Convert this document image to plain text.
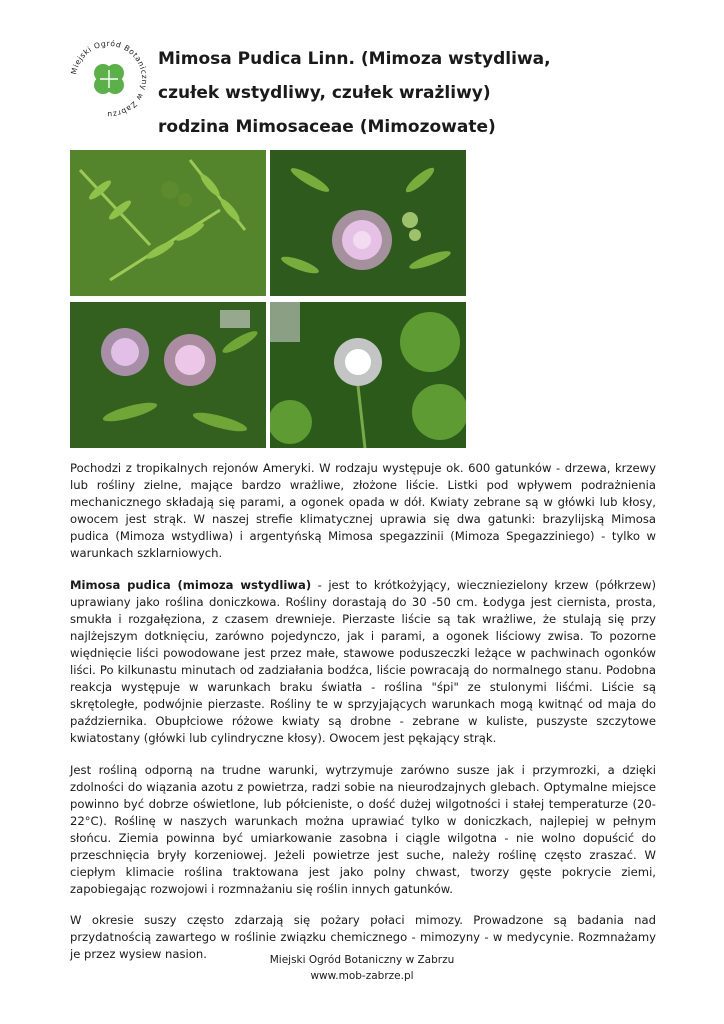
Miejski Ogród Botanic y w Zabrzu
Mimosa Pudica Linn. (Mimoza wstydliwa,
czułek wstydliwy, czułek wrażliwy)
rodzina Mimosaceae (Mimozowate)

Pochodzi z tropikalnych rejonów Ameryki. W rodzaju występuje ok. 600 gatunków - drzewa, krzewy lub rośliny zielne, mające bardzo wrażliwe, złożone liście. Listki pod wpływem podrażnienia mechanicznego składają się parami, a ogonek opada w dół. Kwiaty zebrane są w główki lub kłosy, owocem jest strąk. W naszej strefie klimatycznej uprawia się dwa gatunki: brazylijską Mimosa pudica (Mimoza wstydliwa) i argentyńską Mimosa spegazzinii (Mimoza Spegazziniego) - tylko w warunkach szklarniowych.

Mimosa pudica (mimoza wstydliwa) - jest to krótkożyjący, wieczniezielony krzew (półkrzew) uprawiany jako roślina doniczkowa. Rośliny dorastają do 30 -50 cm. Łodyga jest ciernista, prosta, smukła i rozgałęziona, z czasem drewnieje. Pierzaste liście są tak wrażliwe, że stulają się przy najlżejszym dotknięciu, zarówno pojedynczo, jak i parami, a ogonek liściowy zwisa. To pozorne więdnięcie liści powodowane jest przez małe, stawowe poduszeczki leżące w pachwinach ogonków liści. Po kilkunastu minutach od zadziałania bodźca, liście powracają do normalnego stanu. Podobna reakcja występuje w warunkach braku światła - roślina "śpi" ze stulonymi liśćmi. Liście są skrętoległe, podwójnie pierzaste. Rośliny te w sprzyjających warunkach mogą kwitnąć od maja do października. Obupłciowe różowe kwiaty są drobne - zebrane w kuliste, puszyste szczytowe kwiatostany (główki lub cylindryczne kłosy). Owocem jest pękający strąk.

Jest rośliną odporną na trudne warunki, wytrzymuje zarówno susze jak i przymrozki, a dzięki zdolności do wiązania azotu z powietrza, radzi sobie na nieurodzajnych glebach. Optymalne miejsce powinno być dobrze oświetlone, lub półcieniste, o dość dużej wilgotności i stałej temperaturze (20-22°C). Roślinę w naszych warunkach można uprawiać tylko w doniczkach, najlepiej w pełnym słońcu. Ziemia powinna być umiarkowanie zasobna i ciągle wilgotna - nie wolno dopuścić do przeschnięcia bryły korzeniowej. Jeżeli powietrze jest suche, należy roślinę często zraszać. W ciepłym klimacie roślina traktowana jest jako polny chwast, tworzy gęste pokrycie ziemi, zapobiegając rozwojowi i rozmnażaniu się roślin innych gatunków.

W okresie suszy często zdarzają się pożary połaci mimozy. Prowadzone są badania nad przydatnością zawartego w roślinie związku chemicznego - mimozyny - w medycynie. Rozmnażamy je przez wysiew nasion.	Miejski Ogród Botaniczny w Zabrzu
www.mob-zabrze.pl
